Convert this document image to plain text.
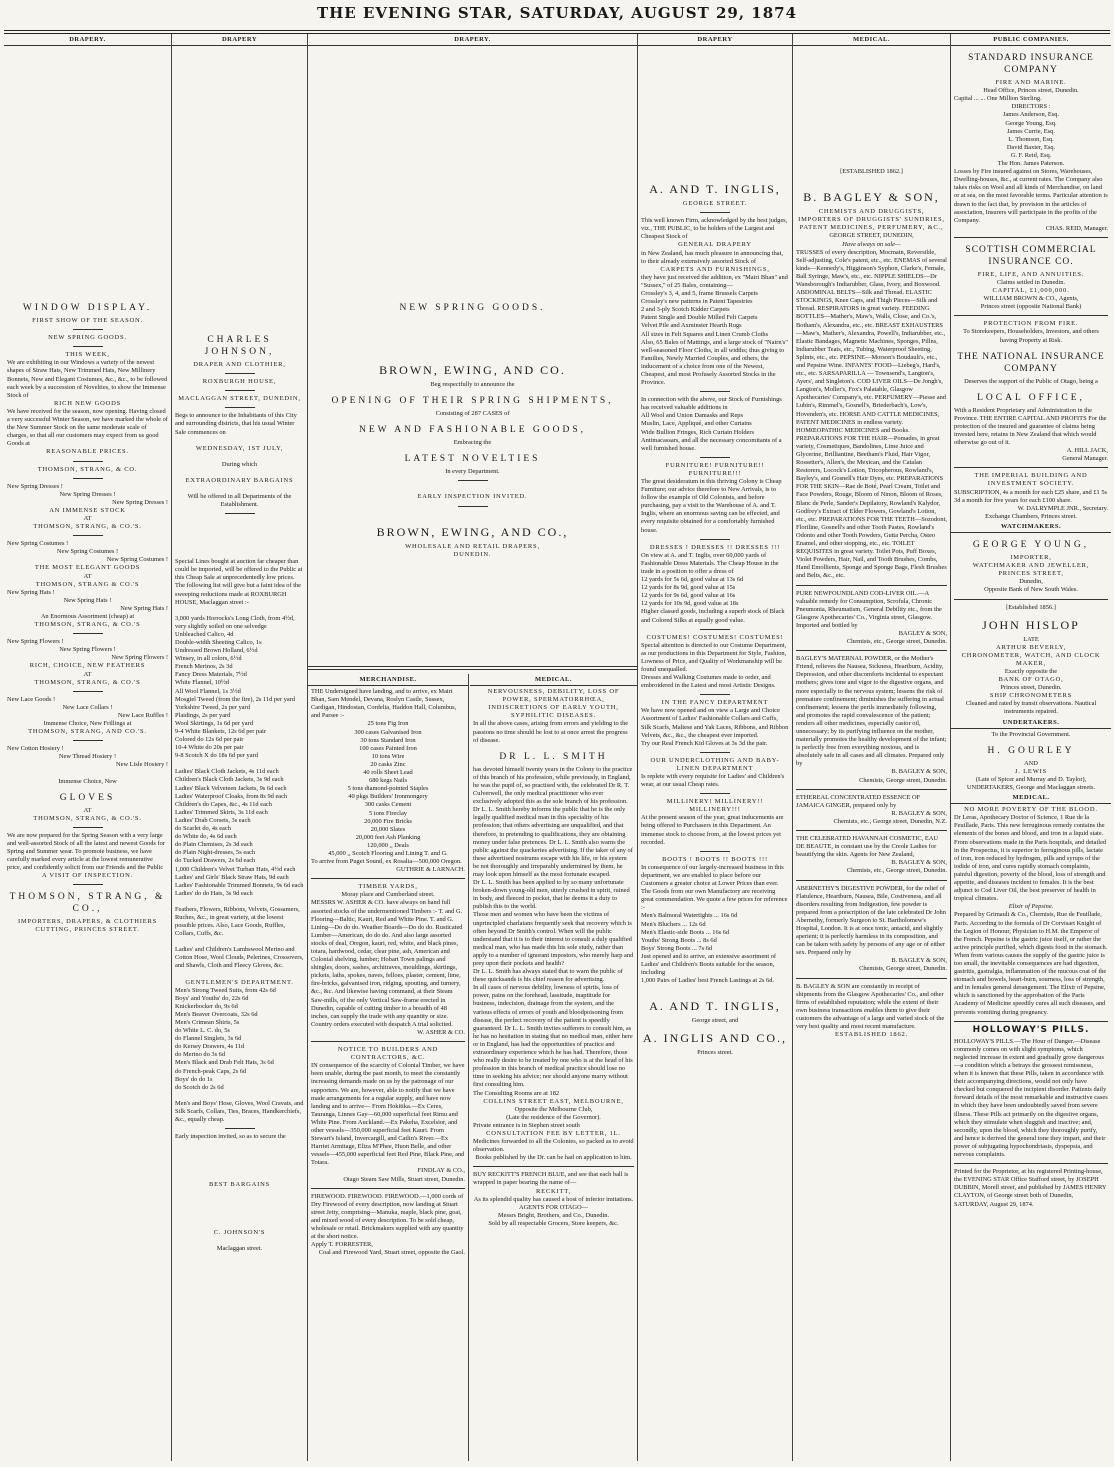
THE EVENING STAR, SATURDAY, AUGUST 29, 1874
DRAPERY.
WINDOW DISPLAY.
FIRST SHOW OF THE SEASON.
NEW SPRING GOODS.
THIS WEEK,
We are exhibiting in our Windows a variety of the newest shapes of Straw Hats, New Trimmed Hats, New Millinery Bonnets, New and Elegant Costumes, &c., &c., to be followed each week by a succession of Novelties, to show the Immense Stock of
RICH NEW GOODS
We have received for the season, now opening. Having closed a very successful Winter Season, we have marked the whole of the New Summer Stock on the same moderate scale of charges, so that all our customers may expect from us good Goods at
REASONABLE PRICES.
THOMSON, STRANG, & CO.
New Spring Dresses !
New Spring Dresses !
New Spring Dresses !
AN IMMENSE STOCK
AT
THOMSON, STRANG, & CO.'S.
New Spring Costumes !
New Spring Costumes !
New Spring Costumes !
THE MOST ELEGANT GOODS
AT
THOMSON, STRANG & CO.'S
New Spring Hats !
New Spring Hats !
New Spring Hats !
An Enormous Assortment (cheap) at
THOMSON, STRANG, & CO.'S
New Spring Flowers !
New Spring Flowers !
New Spring Flowers !
RICH, CHOICE, NEW FEATHERS
AT
THOMSON, STRANG, & CO.'S
New Lace Goods !
New Lace Collars !
New Lace Ruffles !
Immense Choice, New Frillings at
THOMSON, STRANG, AND CO.'S.
New Cotton Hosiery !
New Thread Hosiery !
New Lisle Hosiery !
Immense Choice, New
GLOVES
AT
THOMSON, STRANG, & CO.'S.
We are now prepared for the Spring Season with a very large and well-assorted Stock of all the latest and newest Goods for Spring and Summer wear. To promote business, we have carefully marked every article at the lowest remunerative price, and confidently solicit from our Friends and the Public
A VISIT OF INSPECTION.
THOMSON, STRANG, & CO.,
IMPORTERS, DRAPERS, & CLOTHIERS
CUTTING, PRINCES STREET.
DRAPERY
CHARLES JOHNSON,
DRAPER AND CLOTHIER,
ROXBURGH HOUSE,
MACLAGGAN STREET, DUNEDIN,
Begs to announce to the Inhabitants of this City and surrounding districts, that his usual Winter Sale commences on
WEDNESDAY, 1ST JULY,
During which
EXTRAORDINARY BARGAINS
Will be offered in all Departments of the Establishment.
Special Lines bought at auction far cheaper than could be imported, will be offered to the Public at this Cheap Sale at unprecedentedly low prices. The following list will give but a faint idea of the sweeping reductions made at ROXBURGH HOUSE, Maclaggan street :-
3,000 yards Horrocks's Long Cloth, from 4½d, very slightly soiled on one selvedge
Unbleached Calico, 4d
Double-width Sheeting Calico, 1s
Undressed Brown Holland, 6½d
Winsey, in all colors, 6½d
French Merinos, 2s 3d
Fancy Dress Materials, 7½d
White Flannel, 10½d
All Wool Flannel, 1s 3½d
Mosgiel Tweed (from the fire), 2s 11d per yard
Yorkshire Tweed, 2s per yard
Plaidings, 2s per yard
Wool Skirtings, 1s 6d per yard
9-4 White Blankets, 12s 6d per pair
Colored do 12s 6d per pair
10-4 White do 20s per pair
9-8 Scotch X do 18s 6d per yard
Ladies' Black Cloth Jackets, 4s 11d each
Children's Black Cloth Jackets, 3s 9d each
Ladies' Black Velveteen Jackets, 9s 6d each
Ladies' Waterproof Cloaks, from 8s 9d each
Children's do Capes, &c., 4s 11d each
Ladies' Trimmed Skirts, 3s 11d each
Ladies' Drab Corsets, 3s each
do Scarlet do, 4s each
do White do, 4s 6d each
do Plain Chemises, 2s 3d each
do Plain Night-dresses, 5s each
do Tucked Drawers, 2s 6d each
1,000 Children's Velvet Turban Hats, 4½d each
Ladies' and Girls' Black Straw Hats, 9d each
Ladies' Fashionable Trimmed Bonnets, 9s 6d each
Ladies' do do Hats, 3s 9d each
Feathers, Flowers, Ribbons, Velvets, Gossamers, Ruches, &c., in great variety, at the lowest possible prices. Also, Lace Goods, Ruffles, Collars, Cuffs, &c.
Ladies' and Children's Lambswool Merino and Cotton Hose, Wool Clouds, Pelerines, Crossovers, and Shawls, Cloth and Fleecy Gloves, &c.
GENTLEMEN'S DEPARTMENT.
Men's Strong Tweed Suits, from 42s 6d
Boys' and Youths' do, 22s 6d
Knickerbocker do, 9s 6d
Men's Beaver Overcoats, 32s 6d
Men's Crimean Shirts, 5s
do White L. C. do, 5s
do Flannel Singlets, 3s 6d
do Kersey Drawers, 4s 11d
do Merino do 3s 6d
Men's Black and Drab Felt Hats, 3s 6d
do French-peak Caps, 2s 6d
Boys' do do 1s
do Scotch do 2s 6d
Men's and Boys' Hose, Gloves, Wool Cravats, and Silk Scarfs, Collars, Ties, Braces, Handkerchiefs, &c., equally cheap.
Early inspection invited, so as to secure the
BEST BARGAINS
C. JOHNSON'S
Maclaggan street.
DRAPERY.
NEW SPRING GOODS.
BROWN, EWING, AND CO.
Beg respectfully to announce the
OPENING OF THEIR SPRING SHIPMENTS,
Consisting of 287 CASES of
NEW AND FASHIONABLE GOODS,
Embracing the
LATEST NOVELTIES
In every Department.
EARLY INSPECTION INVITED.
BROWN, EWING, AND CO.,
WHOLESALE AND RETAIL DRAPERS,
DUNEDIN.
MERCHANDISE.
THE Undersigned have landing, and to arrive, ex Mairi Bhan, Sam Mendel, Devana, Roslyn Castle, Sussex, Cardigan, Hindostan, Cordelia, Haddon Hall, Columbus, and Parsee :-
25 tons Fig Iron
300 cases Galvanised Iron
30 tons Standard Iron
100 cases Painted Iron
10 tons Wire
20 casks Zinc
40 rolls Sheet Lead
680 kegs Nails
5 tons diamond-pointed Staples
40 pkgs Builders' Ironmongery
300 casks Cement
5 tons Fireclay
20,000 Fire Bricks
20,000 Slates
20,000 feet Ash Planking
120,000 ,, Deals
45,000 ,, Scotch Flooring and Lining T. and G.
To arrive from Puget Sound, ex Rosalia—500,000 Oregon.
GUTHRIE & LARNACH.
TIMBER YARDS,
Moray place and Cumberland street.
MESSRS W. ASHER & CO. have always on hand full assorted stocks of the undermentioned Timbers :- T. and G. Flooring—Baltic, Kauri, Red and White Pine. T. and G. Lining—Do do do. Weather Boards—Do do do. Rusticated Lumber—American, do do do. And also large assorted stocks of deal, Oregon, kauri, red, white, and black pines, totara, hardwood, cedar, clear pine, ash, American and Colonial shelving, lumber; Hobart Town palings and shingles, doors, sashes, architraves, mouldings, skirtings, pickets, laths, spokes, naves, felloes, plaster, cement, lime, fire-bricks, galvanised iron, ridging, spouting, and turnery, &c., &c. And likewise having command, at their Steam Saw-mills, of the only Vertical Saw-frame erected in Dunedin, capable of cutting timber to a breadth of 48 inches, can supply the trade with any quantity or size. Country orders executed with despatch A trial solicited.
W. ASHER & CO.
NOTICE TO BUILDERS AND CONTRACTORS, &C.
IN consequence of the scarcity of Colonial Timber, we have been unable, during the past month, to meet the constantly increasing demands made on us by the patronage of our supporters. We are, however, able to notify that we have made arrangements for a regular supply, and have now landing and to arrive— From Hokitika.—Ex Ceres, Tauranga, Linnes Gay—60,000 superficial feet Rimu and White Pine. From Auckland.—Ex Pakeha, Excelsior, and other vessels—350,000 superficial feet Kauri. From Stewart's Island, Invercargill, and Catlin's River.—Ex Harriet Armitage, Eliza M'Phee, Huon Belle, and other vessels—455,000 superficial feet Red Pine, Black Pine, and Totara.
FINDLAY & CO.,
Otago Steam Saw Mills, Stuart street, Dunedin.
FIREWOOD. FIREWOOD. FIREWOOD.—1,000 cords of Dry Firewood of every description, now landing at Stuart street Jetty, comprising—Manuka, maple, black pine, goai, and mixed wood of every description. To be sold cheap, wholesale or retail. Brickmakers supplied with any quantity at the short notice.
Apply T. FORRESTER,
Coal and Firewood Yard, Stuart street, opposite the Gaol.
MEDICAL.
NERVOUSNESS, DEBILITY, LOSS OF POWER, SPERMATORRHŒA, INDISCRETIONS OF EARLY YOUTH, SYPHILITIC DISEASES.
In all the above cases, arising from errors and yielding to the passions no time should be lost to at once arrest the progress of disease.
DR L. L. SMITH
has devoted himself twenty years in the Colony to the practice of this branch of his profession, while previously, in England, he was the pupil of, so practised with, the celebrated Dr R. T. Culverwell, the only medical practitioner who ever exclusively adopted this as the sole branch of his profession.
Dr L. L. Smith hereby informs the public that he is the only legally qualified medical man in this speciality of his profession; that others advertising are unqualified, and that therefore, in pretending to qualifications, they are obtaining money under false pretences. Dr L. L. Smith also warns the public against the quackeries advertising. If the taker of any of these advertised nostrums escape with his life, or his system be not thoroughly and irreparably undermined by them, he may look upon himself as the most fortunate escaped.
Dr L. L. Smith has been applied to by so many unfortunate broken-down young-old men, utterly crushed in spirit, ruined in body, and fleeced in pocket, that he deems it a duty to publish this to the world.
Those men and women who have been the victims of unprincipled charlatans frequently seek that recovery which is often beyond Dr Smith's control. When will the public understand that it is to their interest to consult a duly qualified medical man, who has made this his sole study, rather than apply to a number of ignorant impostors, who merely harp and prey upon their pockets and health?
Dr L. L. Smith has always stated that to warn the public of these quicksands is his chief reason for advertising.
In all cases of nervous debility, lowness of spirits, loss of power, pains on the forehead, lassitude, inaptitude for business, indecision, drainage from the system, and the various effects of errors of youth and bloodpoisoning from disease, the perfect recovery of the patient is speedily guaranteed. Dr L. L. Smith invites sufferers to consult him, as he has no hesitation in stating that no medical man, either here or in England, has had the opportunities of practice and extraordinary experience which he has had. Therefore, those who really desire to be treated by one who is at the head of his profession in this branch of medical practice should lose no time in seeking his advice; nor should anyone marry without first consulting him.
The Consulting Rooms are at 182
COLLINS STREET EAST, MELBOURNE,
Opposite the Melbourne Club,
(Late the residence of the Governor).
Private entrance is in Stephen street south
CONSULTATION FEE BY LETTER, 1L.
Medicines forwarded to all the Colonies, so packed as to avoid observation.
Books published by the Dr. can be had on application to him.
BUY RECKITT'S FRENCH BLUE, and see that each ball is wrapped in paper bearing the name of—
RECKITT,
As its splendid quality has caused a host of inferior imitations.
AGENTS FOR OTAGO—
Messrs Bright, Brothers, and Co., Dunedin.
Sold by all respectable Grocers, Store keepers, &c.
DRAPERY
A. AND T. INGLIS,
GEORGE STREET.
This well known Firm, acknowledged by the best judges, viz., THE PUBLIC, to be holders of the Largest and Cheapest Stock of
GENERAL DRAPERY
in New Zealand, has much pleasure in announcing that, to their already extensively assorted Stock of
CARPETS AND FURNISHINGS,
they have just received the addition, ex "Mairi Bhan" and "Sussex," of 25 Bales, containing—
Crossley's 3, 4, and 5, frame Brussels Carpets
Crossley's new patterns in Patent Tapestries
2 and 3-ply Scotch Kidder Carpets
Patent Single and Double Milled Felt Carpets
Velvet Pile and Axminster Hearth Rugs
All sizes in Felt Squares and Linen Crumb Cloths
Also, 65 Bales of Mattings, and a large stock of "Nairn's" well-seasoned Floor Cloths, in all widths; thus giving to Families, Newly Married Couples, and others, the inducement of a choice from one of the Newest, Cheapest, and most Profusely Assorted Stocks in the Province.
In connection with the above, our Stock of Furnishings has received valuable additions in
All Wool and Union Damasks and Reps
Muslin, Lace, Appliqué, and other Curtains
Wide Bullion Fringes, Rich Curtain Holders
Antimacassars, and all the necessary concomitants of a well furnished house.
FURNITURE! FURNITURE!! FURNITURE!!!
The great desideratum in this thriving Colony is Cheap Furniture; our advice therefore to New Arrivals, is to follow the example of Old Colonists, and before purchasing, pay a visit to the Warehouse of A. and T. Inglis, where an enormous saving can be effected, and every requisite obtained for a comfortably furnished house.
DRESSES ! DRESSES !! DRESSES !!!
On view at A. and T. Inglis, over 60,000 yards of Fashionable Dress Materials. The Cheap House in the trade in a position to offer a dress of
12 yards for 5s 6d, good value at 13s 6d
12 yards for 8s 9d, good value at 15s
12 yards for 9s 6d, good value at 16s
12 yards for 10s 9d, good value at 18s
Higher classed goods, including a superb stock of Black and Colored Silks at equally good value.
COSTUMES! COSTUMES! COSTUMES!
Special attention is directed to our Costume Department, as our productions in this Department for Style, Fashion, Lowness of Price, and Quality of Workmanship will be found unequalled.
Dresses and Walking Costumes made to order, and embroidered in the Latest and most Artistic Designs.
IN THE FANCY DEPARTMENT
We have now opened and on view a Large and Choice Assortment of Ladies' Fashionable Collars and Cuffs, Silk Scarfs, Maltese and Yak Laces, Ribbons, and Ribbon Velvets, &c., &c., the cheapest ever imported.
Try our Real French Kid Gloves at 3s 3d the pair.
OUR UNDERCLOTHING AND BABY-LINEN DEPARTMENT
Is replete with every requisite for Ladies' and Children's wear, at our usual Cheap rates.
MILLINERY! MILLINERY!! MILLINERY!!!
At the present season of the year, great inducements are being offered to Purchasers in this Department. An immense stock to choose from, at the lowest prices yet recorded.
BOOTS ! BOOTS !! BOOTS !!!
In consequence of our largely-increased business in this department, we are enabled to place before our Customers a greater choice at Lower Prices than ever. The Goods from our own Manufactory are receiving great commendation. We quote a few prices for reference :-
Men's Balmoral Watertights ... 16s 6d
Men's Bluchers ... 12s 6d
Men's Elastic-side Boots ... 16s 6d
Youths' Strong Boots ... 8s 6d
Boys' Strong Boots ... 7s 6d
Just opened and to arrive, an extensive assortment of Ladies' and Children's Boots suitable for the season, including
1,000 Pairs of Ladies' best French Lastings at 2s 6d.
A. AND T. INGLIS,
George street, and
A. INGLIS AND CO.,
Princes street.
MEDICAL.
[ESTABLISHED 1862.]
B. BAGLEY & SON,
CHEMISTS AND DRUGGISTS,
IMPORTERS OF DRUGGISTS' SUNDRIES, PATENT MEDICINES, PERFUMERY, &C.,
GEORGE STREET, DUNEDIN,
Have always on sale—
TRUSSES of every description, Mocmain, Reversible, Self-adjusting, Cole's patent, etc., etc. ENEMAS of several kinds—Kennedy's, Higginson's Syphon, Clarke's, Female, Ball Syringe, Maw's, etc., etc. NIPPLE SHIELDS—Dr Wansborough's Indiarubber, Glass, Ivory, and Boxwood. ABDOMINAL BELTS—Silk and Thread. ELASTIC STOCKINGS, Knee Caps, and Thigh Pieces—Silk and Thread. RESPIRATORS in great variety. FEEDING BOTTLES—Mather's, Maw's, Walls, Close, and Co.'s, Botham's, Alexandra, etc., etc. BREAST EXHAUSTERS—Maw's, Mather's, Alexandra, Powell's, Indiarubber, etc., Elastic Bandages, Magnetic Machines, Sponges, Pillns, Indiarubber Teats, etc., Tubing, Waterproof Sheeting, Splints, etc., etc. PEPSINE—Morson's Boudault's, etc., and Pepsine Wine. INFANTS' FOOD—Liebeg's, Hard's, etc., etc. SARSAPARILLA — Townsend's, Langton's, Ayers', and Singleton's. COD LIVER OILS—De Jongh's, Langton's, Moller's, Fox's Palatable, Glasgow Apothecaries' Company's, etc. PERFUMERY—Piesse and Lubin's, Rimmel's, Gosnell's, Briederbach's, Low's, Hovenden's, etc. HORSE AND CATTLE MEDICINES, PATENT MEDICINES in endless variety. HOMŒOPATHIC MEDICINES and Books. PREPARATIONS FOR THE HAIR—Pomades, in great variety, Cosmetiques, Bandolines, Lime Juice and Glycerine, Brilliantine, Beetham's Fluid, Hair Vigor, Rossetter's, Allen's, the Mexican, and the Catalan Restorers, Locock's Lotion, Tricopherous, Rowland's, Bayley's, and Gosnell's Hair Dyes, etc. PREPARATIONS FOR THE SKIN—Rae de Boté, Pearl Cream, Toilet and Face Powders, Rouge, Bloom of Ninon, Bloom of Roses, Blanc de Perle, Sander's Depilatory, Rowland's Kalydor, Godfrey's Extract of Elder Flowers, Gowland's Lotion, etc., etc. PREPARATIONS FOR THE TEETH—Sozodont, Floriline, Gosnell's and other Tooth Pastes, Rowland's Odonto and other Tooth Powders, Gutta Percha, Osteo Enamel, and other stopping, etc., etc. TOILET REQUISITES in great variety. Toilet Pots, Puff Boxes, Violet Powders, Hair, Nail, and Tooth Brushes, Combs, Hand Emollients, Sponge and Sponge Bags, Flesh Brushes and Belts, &c., etc.
PURE NEWFOUNDLAND COD-LIVER OIL.—A valuable remedy for Consumption, Scrofula, Chronic Pneumonia, Rheumatism, General Debility etc., from the Glasgow Apothecaries' Co., Virginia street, Glasgow. Imported and bottled by
BAGLEY & SON,
Chemists, etc., George street, Dunedin.
BAGLEY'S MATERNAL POWDER, or the Mother's Friend, relieves the Nausea, Sickness, Heartburn, Acidity, Depression, and other discomforts incidental to expectant mothers; gives tone and vigor to the digestive organs, and more especially to the nervous system; lessens the risk of premature confinement; diminishes the suffering in actual confinement; lessens the perils immediately following, and promotes the rapid convalescence of the patient; renders all other medicines, especially castor oil, unnecessary; by its purifying influence on the mother, materially promotes the healthy development of the infant; is perfectly free from everything noxious, and is absolutely safe in all cases and all climates. Prepared only by
B. BAGLEY & SON,
Chemists, George street, Dunedin.
ETHEREAL CONCENTRATED ESSENCE OF JAMAICA GINGER, prepared only by
R. BAGLEY & SON,
Chemists, etc., George street, Dunedin, N.Z.
THE CELEBRATED HAVANNAH COSMETIC, EAU DE BEAUTE, in constant use by the Creole Ladies for beautifying the skin. Agents for New Zealand,
B. BAGLEY & SON,
Chemists, etc., George street, Dunedin.
ABERNETHY'S DIGESTIVE POWDER, for the relief of Flatulence, Heartburn, Nausea, Bile, Costiveness, and all disorders resulting from Indigestion, few powder is prepared from a prescription of the late celebrated Dr John Abernethy, formerly Surgeon to St. Bartholomew's Hospital, London. It is at once tonic, antacid, and slightly aperient; it is perfectly harmless in its composition, and can be taken with safety by persons of any age or of either sex. Prepared only by
B. BAGLEY & SON,
Chemists, George street, Dunedin.
B. BAGLEY & SON are constantly in receipt of shipments from the Glasgow Apothecaries' Co., and other firms of established reputation; while the extent of their own business transactions enables them to give their customers the advantage of a large and varied stock of the very best quality and most recent manufacture.
ESTABLISHED 1862.
PUBLIC COMPANIES.
STANDARD INSURANCE COMPANY
FIRE AND MARINE.
Head Office, Princes street, Dunedin.
Capital ... ... One Million Sterling.
DIRECTORS :
James Anderson, Esq.
George Young, Esq.
James Currie, Esq.
L. Thomson, Esq.
David Baxter, Esq.
G. F. Reid, Esq.
The Hon. James Paterson.
Losses by Fire insured against on Stores, Warehouses, Dwelling-houses, &c., at current rates. The Company also takes risks on Wool and all kinds of Merchandise, on land or at sea, on the most favorable terms. Particular attention is drawn to the fact that, by provision in the articles of association, Insurers will participate in the profits of the Company.
CHAS. REID, Manager.
SCOTTISH COMMERCIAL INSURANCE CO.
FIRE, LIFE, AND ANNUITIES.
Claims settled in Dunedin.
CAPITAL, £1,000,000.
WILLIAM BROWN & CO., Agents,
Princes street (opposite National Bank)
PROTECTION FROM FIRE.
To Storekeepers, Householders, Investors, and others having Property at Risk.
THE NATIONAL INSURANCE COMPANY
Deserves the support of the Public of Otago, being a
LOCAL OFFICE,
With a Resident Proprietary and Administration in the Province. THE ENTIRE CAPITAL AND PROFITS For the protection of the insured and guarantee of claims being invested here, retains in New Zealand that which would otherwise go out of it.
A. HILL JACK,
General Manager.
THE IMPERIAL BUILDING AND INVESTMENT SOCIETY.
SUBSCRIPTION, 4s a month for each £25 share, and £1 5s 3d a month for five years for each £100 share.
W. DALRYMPLE JNR., Secretary.
Exchange Chambers, Princes street.
WATCHMAKERS.
GEORGE YOUNG,
IMPORTER,
WATCHMAKER AND JEWELLER,
PRINCES STREET,
Dunedin,
Opposite Bank of New South Wales.
[Established 1856.]
JOHN HISLOP
LATE
ARTHUR BEVERLY,
CHRONOMETER, WATCH, AND CLOCK MAKER,
Exactly opposite the
BANK OF OTAGO,
Princes street, Dunedin.
SHIP CHRONOMETERS
Cleaned and rated by transit observations. Nautical instruments repaired.
UNDERTAKERS.
To the Provincial Government.
H. GOURLEY
AND
J. LEWIS
(Late of Spicer and Murray and D. Taylor), UNDERTAKERS, George and Maclaggan streets.
MEDICAL.
NO MORE POVERTY OF THE BLOOD.
Dr Leras, Apothecary Doctor of Science, 1 Rue de la Feuillade, Paris. This new ferruginous remedy contains the elements of the bones and blood, and iron in a liquid state. From observations made in the Paris hospitals, and detailed in the Prospectus, it is superior to ferruginous pills, lactate of iron, iron reduced by hydrogen, pills and syrups of the iodide of iron, and cures rapidly stomach complaints, painful digestion, poverty of the blood, loss of strength and appetite, and diseases incident to females. It is the best adjunct to Cod Liver Oil, the best preserver of health in tropical climates.
Elixir of Pepsine.
Prepared by Grimault & Co., Chemists, Rue de Feuillade, Paris. According to the formula of Dr Corvisart Knight of the Legion of Honour, Physician to H.M. the Emperor of the French. Pepsine is the gastric juice itself, or rather the active principle purified, which digests food in the stomach. When from various causes the supply of the gastric juice is too small, the inevitable consequences are bad digestion, gastritis, gastralgia, inflammation of the mucous coat of the stomach and bowels, heart-burn, sourness, loss of strength, and in females general derangement. The Elixir of Pepsine, which is sanctioned by the approbation of the Paris Academy of Medicine speedily cures all such diseases, and prevents vomiting during pregnancy.
HOLLOWAY'S PILLS.
HOLLOWAY'S PILLS.—The Hour of Danger.—Disease commonly comes on with slight symptoms, which neglected increase in extent and gradually grow dangerous—a condition which a betrays the grossest remissness, when it is known that these Pills, taken in accordance with their accompanying directions, would not only have checked but conquered the incipient disorder. Patients daily forward details of the most remarkable and instructive cases in which they have been undoubtedly saved from severe illness. These Pills act primarily on the digestive organs, which they stimulate when sluggish and inactive; and, secondly, upon the blood, which they thoroughly purify, and hence is derived the general tone they impart, and their power of subjugating hypochondriasis, dyspepsia, and nervous complaints.
Printed for the Proprietor, at his registered Printing-house, the EVENING STAR Office Stafford street, by JOSEPH DUBBIN, Morell street, and published by JAMES HENRY CLAYTON, of George street both of Dunedin, SATURDAY, August 29, 1874.
